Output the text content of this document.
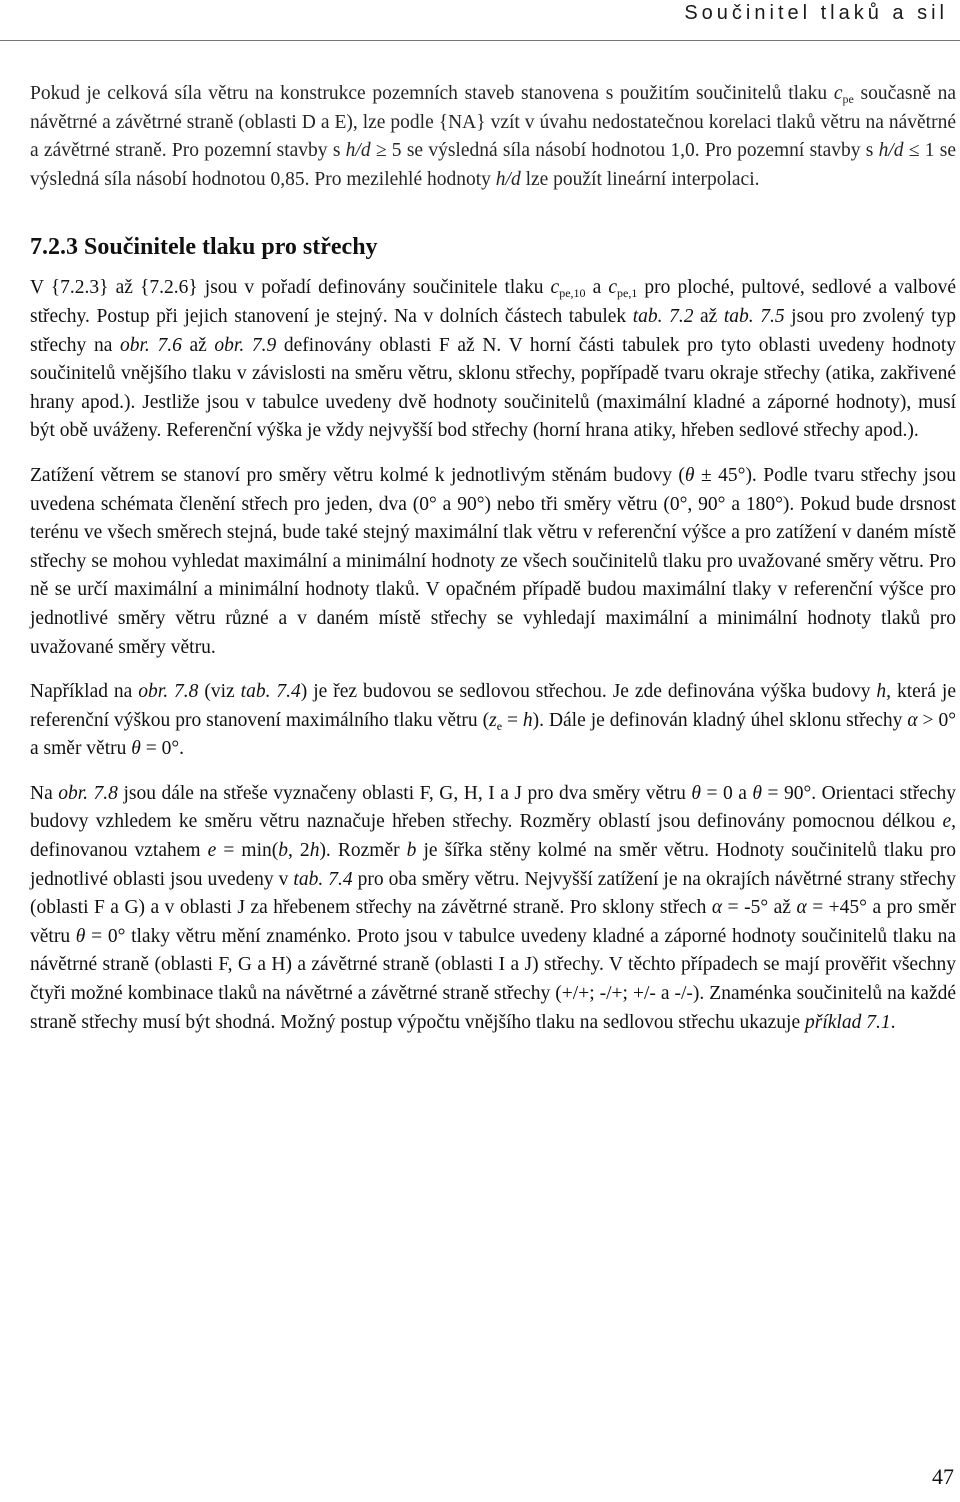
Součinitel tlaků a sil

Pokud je celková síla větru na konstrukce pozemních staveb stanovena s použitím součinitelů tlaku $c_{pe}$ současně na návětrné a závětrné straně (oblasti D a E), lze podle {NA} vzít v úvahu nedostatečnou korelaci tlaků větru na návětrné a závětrné straně. Pro pozemní stavby s h/d ≥ 5 se výsledná síla násobí hodnotou 1,0. Pro pozemní stavby s h/d ≤ 1 se výsledná síla násobí hodnotou 0,85. Pro mezilehlé hodnoty h/d lze použít lineární interpolaci.

7.2.3 Součinitele tlaku pro střechy

V {7.2.3} až {7.2.6} jsou v pořadí definovány součinitele tlaku $c_{pe,10}$ a $c_{pe,1}$ pro ploché, pultové, sedlové a valbové střechy. Postup při jejich stanovení je stejný. Na v dolních částech tabulek tab. 7.2 až tab. 7.5 jsou pro zvolený typ střechy na obr. 7.6 až obr. 7.9 definovány oblasti F až N. V horní části tabulek pro tyto oblasti uvedeny hodnoty součinitelů vnějšího tlaku v závislosti na směru větru, sklonu střechy, popřípadě tvaru okraje střechy (atika, zakřivené hrany apod.). Jestliže jsou v tabulce uvedeny dvě hodnoty součinitelů (maximální kladné a záporné hodnoty), musí být obě uváženy. Referenční výška je vždy nejvyšší bod střechy (horní hrana atiky, hřeben sedlové střechy apod.).

Zatížení větrem se stanoví pro směry větru kolmé k jednotlivým stěnám budovy (θ ± 45°). Podle tvaru střechy jsou uvedena schémata členění střech pro jeden, dva (0° a 90°) nebo tři směry větru (0°, 90° a 180°). Pokud bude drsnost terénu ve všech směrech stejná, bude také stejný maximální tlak větru v referenční výšce a pro zatížení v daném místě střechy se mohou vyhledat maximální a minimální hodnoty ze všech součinitelů tlaku pro uvažované směry větru. Pro ně se určí maximální a minimální hodnoty tlaků. V opačném případě budou maximální tlaky v referenční výšce pro jednotlivé směry větru různé a v daném místě střechy se vyhledají maximální a minimální hodnoty tlaků pro uvažované směry větru.

Například na obr. 7.8 (viz tab. 7.4) je řez budovou se sedlovou střechou. Je zde definována výška budovy h, která je referenční výškou pro stanovení maximálního tlaku větru $(z_e = h)$. Dále je definován kladný úhel sklonu střechy α > 0° a směr větru θ = 0°.

Na obr. 7.8 jsou dále na střeše vyznačeny oblasti F, G, H, I a J pro dva směry větru θ = 0 a θ = 90°. Orientaci střechy budovy vzhledem ke směru větru naznačuje hřeben střechy. Rozměry oblastí jsou definovány pomocnou délkou e, definovanou vztahem e = min(b, 2h). Rozměr b je šířka stěny kolmé na směr větru. Hodnoty součinitelů tlaku pro jednotlivé oblasti jsou uvedeny v tab. 7.4 pro oba směry větru. Nejvyšší zatížení je na okrajích návětrné strany střechy (oblasti F a G) a v oblasti J za hřebenem střechy na závětrné straně. Pro sklony střech α = -5° až α = +45° a pro směr větru θ = 0° tlaky větru mění znaménko. Proto jsou v tabulce uvedeny kladné a záporné hodnoty součinitelů tlaku na návětrné straně (oblasti F, G a H) a závětrné straně (oblasti I a J) střechy. V těchto případech se mají prověřit všechny čtyři možné kombinace tlaků na návětrné a závětrné straně střechy (+/+; -/+; +/- a -/-). Znaménka součinitelů na každé straně střechy musí být shodná. Možný postup výpočtu vnějšího tlaku na sedlovou střechu ukazuje příklad 7.1.

47
